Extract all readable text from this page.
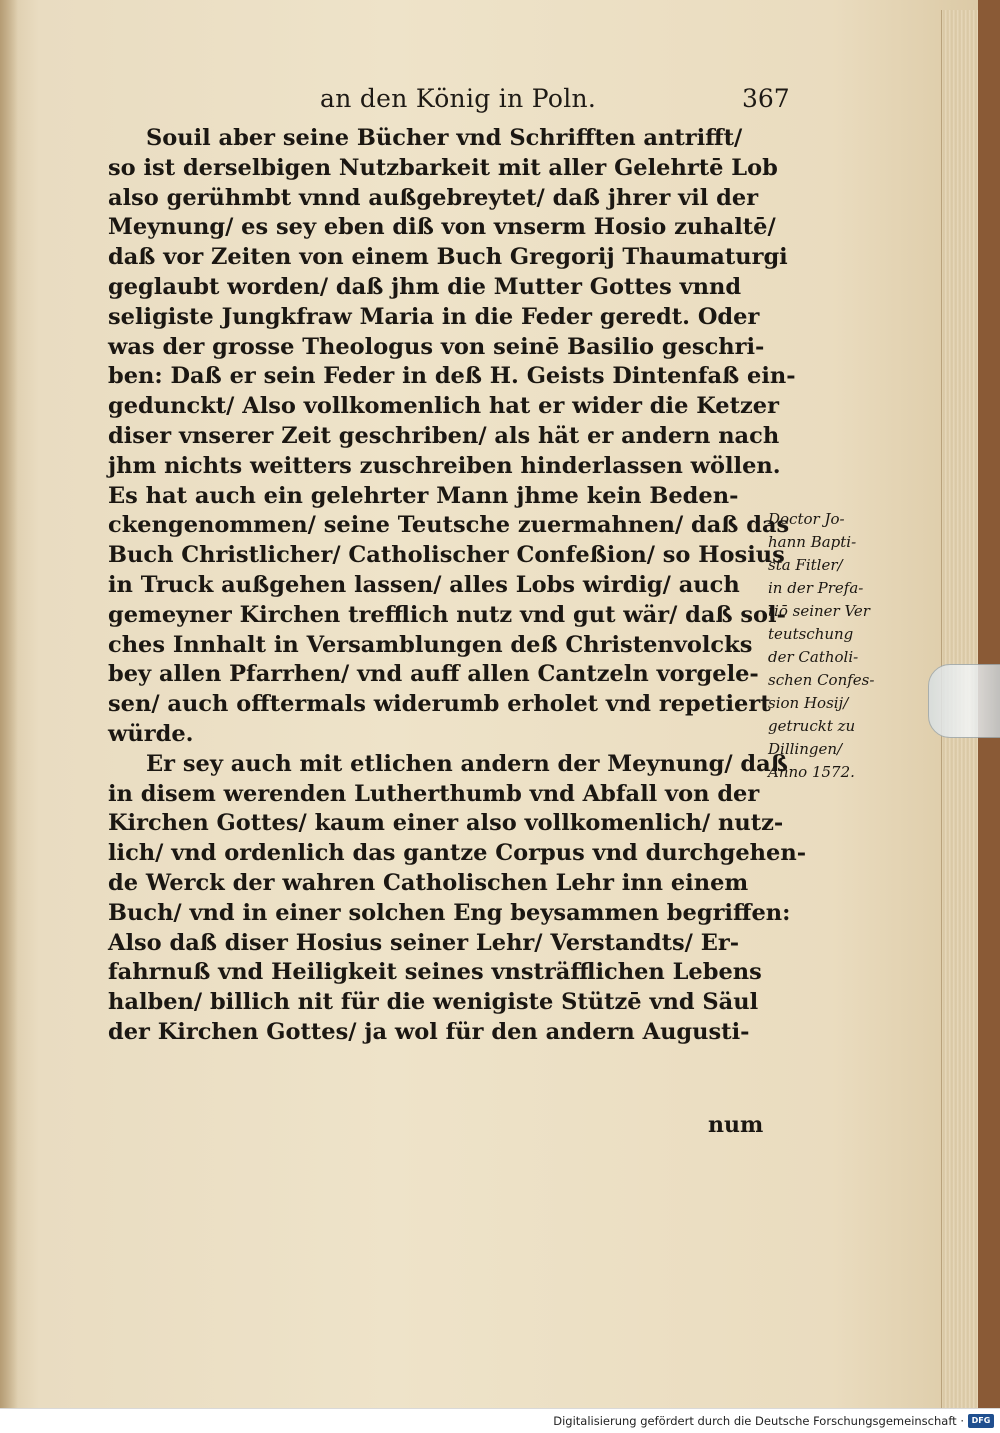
an den König in Poln.	367
Souil aber seine Bücher vnd Schrifften antrifft/
so ist derselbigen Nutzbarkeit mit aller Gelehrtē Lob
also gerühmbt vnnd außgebreytet/ daß jhrer vil der
Meynung/ es sey eben diß von vnserm Hosio zuhaltē/
daß vor Zeiten von einem Buch Gregorij Thaumaturgi
geglaubt worden/ daß jhm die Mutter Gottes vnnd
seligiste Jungkfraw Maria in die Feder geredt. Oder
was der grosse Theologus von seinē Basilio geschri-
ben: Daß er sein Feder in deß H. Geists Dintenfaß ein-
gedunckt/ Also vollkomenlich hat er wider die Ketzer
diser vnserer Zeit geschriben/ als hät er andern nach
jhm nichts weitters zuschreiben hinderlassen wöllen.
Es hat auch ein gelehrter Mann jhme kein Beden-
ckengenommen/ seine Teutsche zuermahnen/ daß das
Buch Christlicher/ Catholischer Confeßion/ so Hosius
in Truck außgehen lassen/ alles Lobs wirdig/ auch
gemeyner Kirchen trefflich nutz vnd gut wär/ daß sol-
ches Innhalt in Versamblungen deß Christenvolcks
bey allen Pfarrhen/ vnd auff allen Cantzeln vorgele-
sen/ auch offtermals widerumb erholet vnd repetiert
würde.
Er sey auch mit etlichen andern der Meynung/ daß
in disem werenden Lutherthumb vnd Abfall von der
Kirchen Gottes/ kaum einer also vollkomenlich/ nutz-
lich/ vnd ordenlich das gantze Corpus vnd durchgehen-
de Werck der wahren Catholischen Lehr inn einem
Buch/ vnd in einer solchen Eng beysammen begriffen:
Also daß diser Hosius seiner Lehr/ Verstandts/ Er-
fahrnuß vnd Heiligkeit seines vnsträfflichen Lebens
halben/ billich nit für die wenigiste Stützē vnd Säul
der Kirchen Gottes/ ja wol für den andern Augusti-
Doctor Jo-
hann Bapti-
sta Fitler/
in der Prefa-
tiō seiner Ver
teutschung
der Catholi-
schen Confes-
sion Hosij/
getruckt zu
Dillingen/
Anno 1572.
num
Digitalisierung gefördert durch die Deutsche Forschungsgemeinschaft · DFG
